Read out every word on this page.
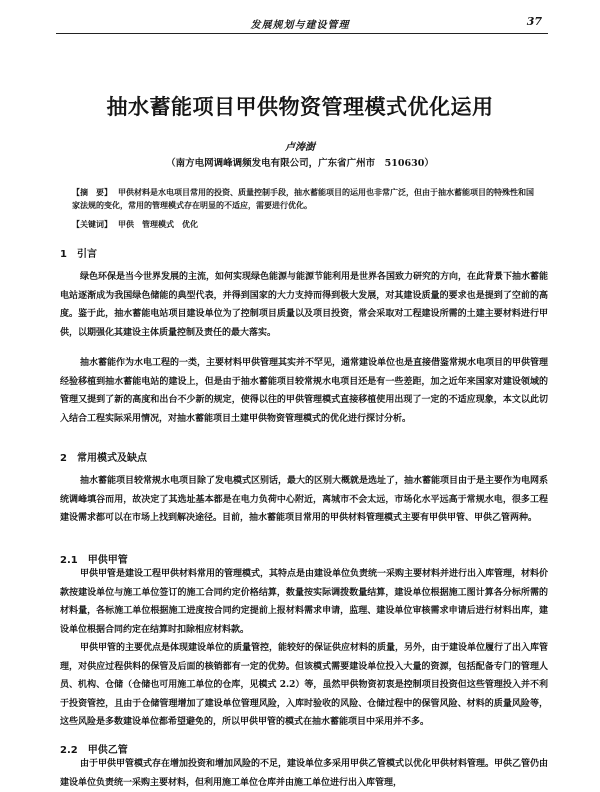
发展规划与建设管理	37
抽水蓄能项目甲供物资管理模式优化运用
卢涛澍
（南方电网调峰调频发电有限公司，广东省广州市　510630）
【摘　要】 甲供材料是水电项目常用的投资、质量控制手段，抽水蓄能项目的运用也非常广泛，但由于抽水蓄能项目的特殊性和国家法规的变化，常用的管理模式存在明显的不适应，需要进行优化。
【关键词】 甲供　管理模式　优化
1　引言

绿色环保是当今世界发展的主流，如何实现绿色能源与能源节能利用是世界各国致力研究的方向，在此背景下抽水蓄能电站逐渐成为我国绿色储能的典型代表，并得到国家的大力支持而得到极大发展，对其建设质量的要求也是提到了空前的高度。鉴于此，抽水蓄能电站项目建设单位为了控制项目质量以及项目投资，常会采取对工程建设所需的土建主要材料进行甲供，以期强化其建设主体质量控制及责任的最大落实。

抽水蓄能作为水电工程的一类，主要材料甲供管理其实并不罕见，通常建设单位也是直接借鉴常规水电项目的甲供管理经验移植到抽水蓄能电站的建设上，但是由于抽水蓄能项目较常规水电项目还是有一些差距，加之近年来国家对建设领域的管理又提到了新的高度和出台不少新的规定，使得以往的甲供管理模式直接移植使用出现了一定的不适应现象，本文以此切入结合工程实际采用情况，对抽水蓄能项目土建甲供物资管理模式的优化进行探讨分析。

2　常用模式及缺点

抽水蓄能项目较常规水电项目除了发电模式区别话，最大的区别大概就是选址了，抽水蓄能项目由于是主要作为电网系统调峰填谷而用，故决定了其选址基本都是在电力负荷中心附近，离城市不会太远，市场化水平远高于常规水电，很多工程建设需求都可以在市场上找到解决途径。目前，抽水蓄能项目常用的甲供材料管理模式主要有甲供甲管、甲供乙管两种。

2.1　甲供甲管

甲供甲管是建设工程甲供材料常用的管理模式，其特点是由建设单位负责统一采购主要材料并进行出入库管理，材料价款按建设单位与施工单位签订的施工合同约定价格结算，数量按实际调拨数量结算，建设单位根据施工图计算各分标所需的材料量，各标施工单位根据施工进度按合同约定提前上报材料需求申请，监理、建设单位审核需求申请后进行材料出库，建设单位根据合同约定在结算时扣除相应材料款。

甲供甲管的主要优点是体现建设单位的质量管控，能较好的保证供应材料的质量，另外，由于建设单位履行了出入库管理，对供应过程供料的保管及后面的核销都有一定的优势。但该模式需要建设单位投入大量的资源，包括配备专门的管理人员、机构、仓储（仓储也可用施工单位的仓库，见模式 2.2）等，虽然甲供物资初衷是控制项目投资但这些管理投入并不利于投资管控，且由于仓储管理增加了建设单位管理风险，入库时验收的风险、仓储过程中的保管风险、材料的质量风险等，这些风险是多数建设单位都希望避免的，所以甲供甲管的模式在抽水蓄能项目中采用并不多。

2.2　甲供乙管

由于甲供甲管模式存在增加投资和增加风险的不足，建设单位多采用甲供乙管模式以优化甲供材料管理。甲供乙管仍由建设单位负责统一采购主要材料，但利用施工单位仓库并由施工单位进行出入库管理，
